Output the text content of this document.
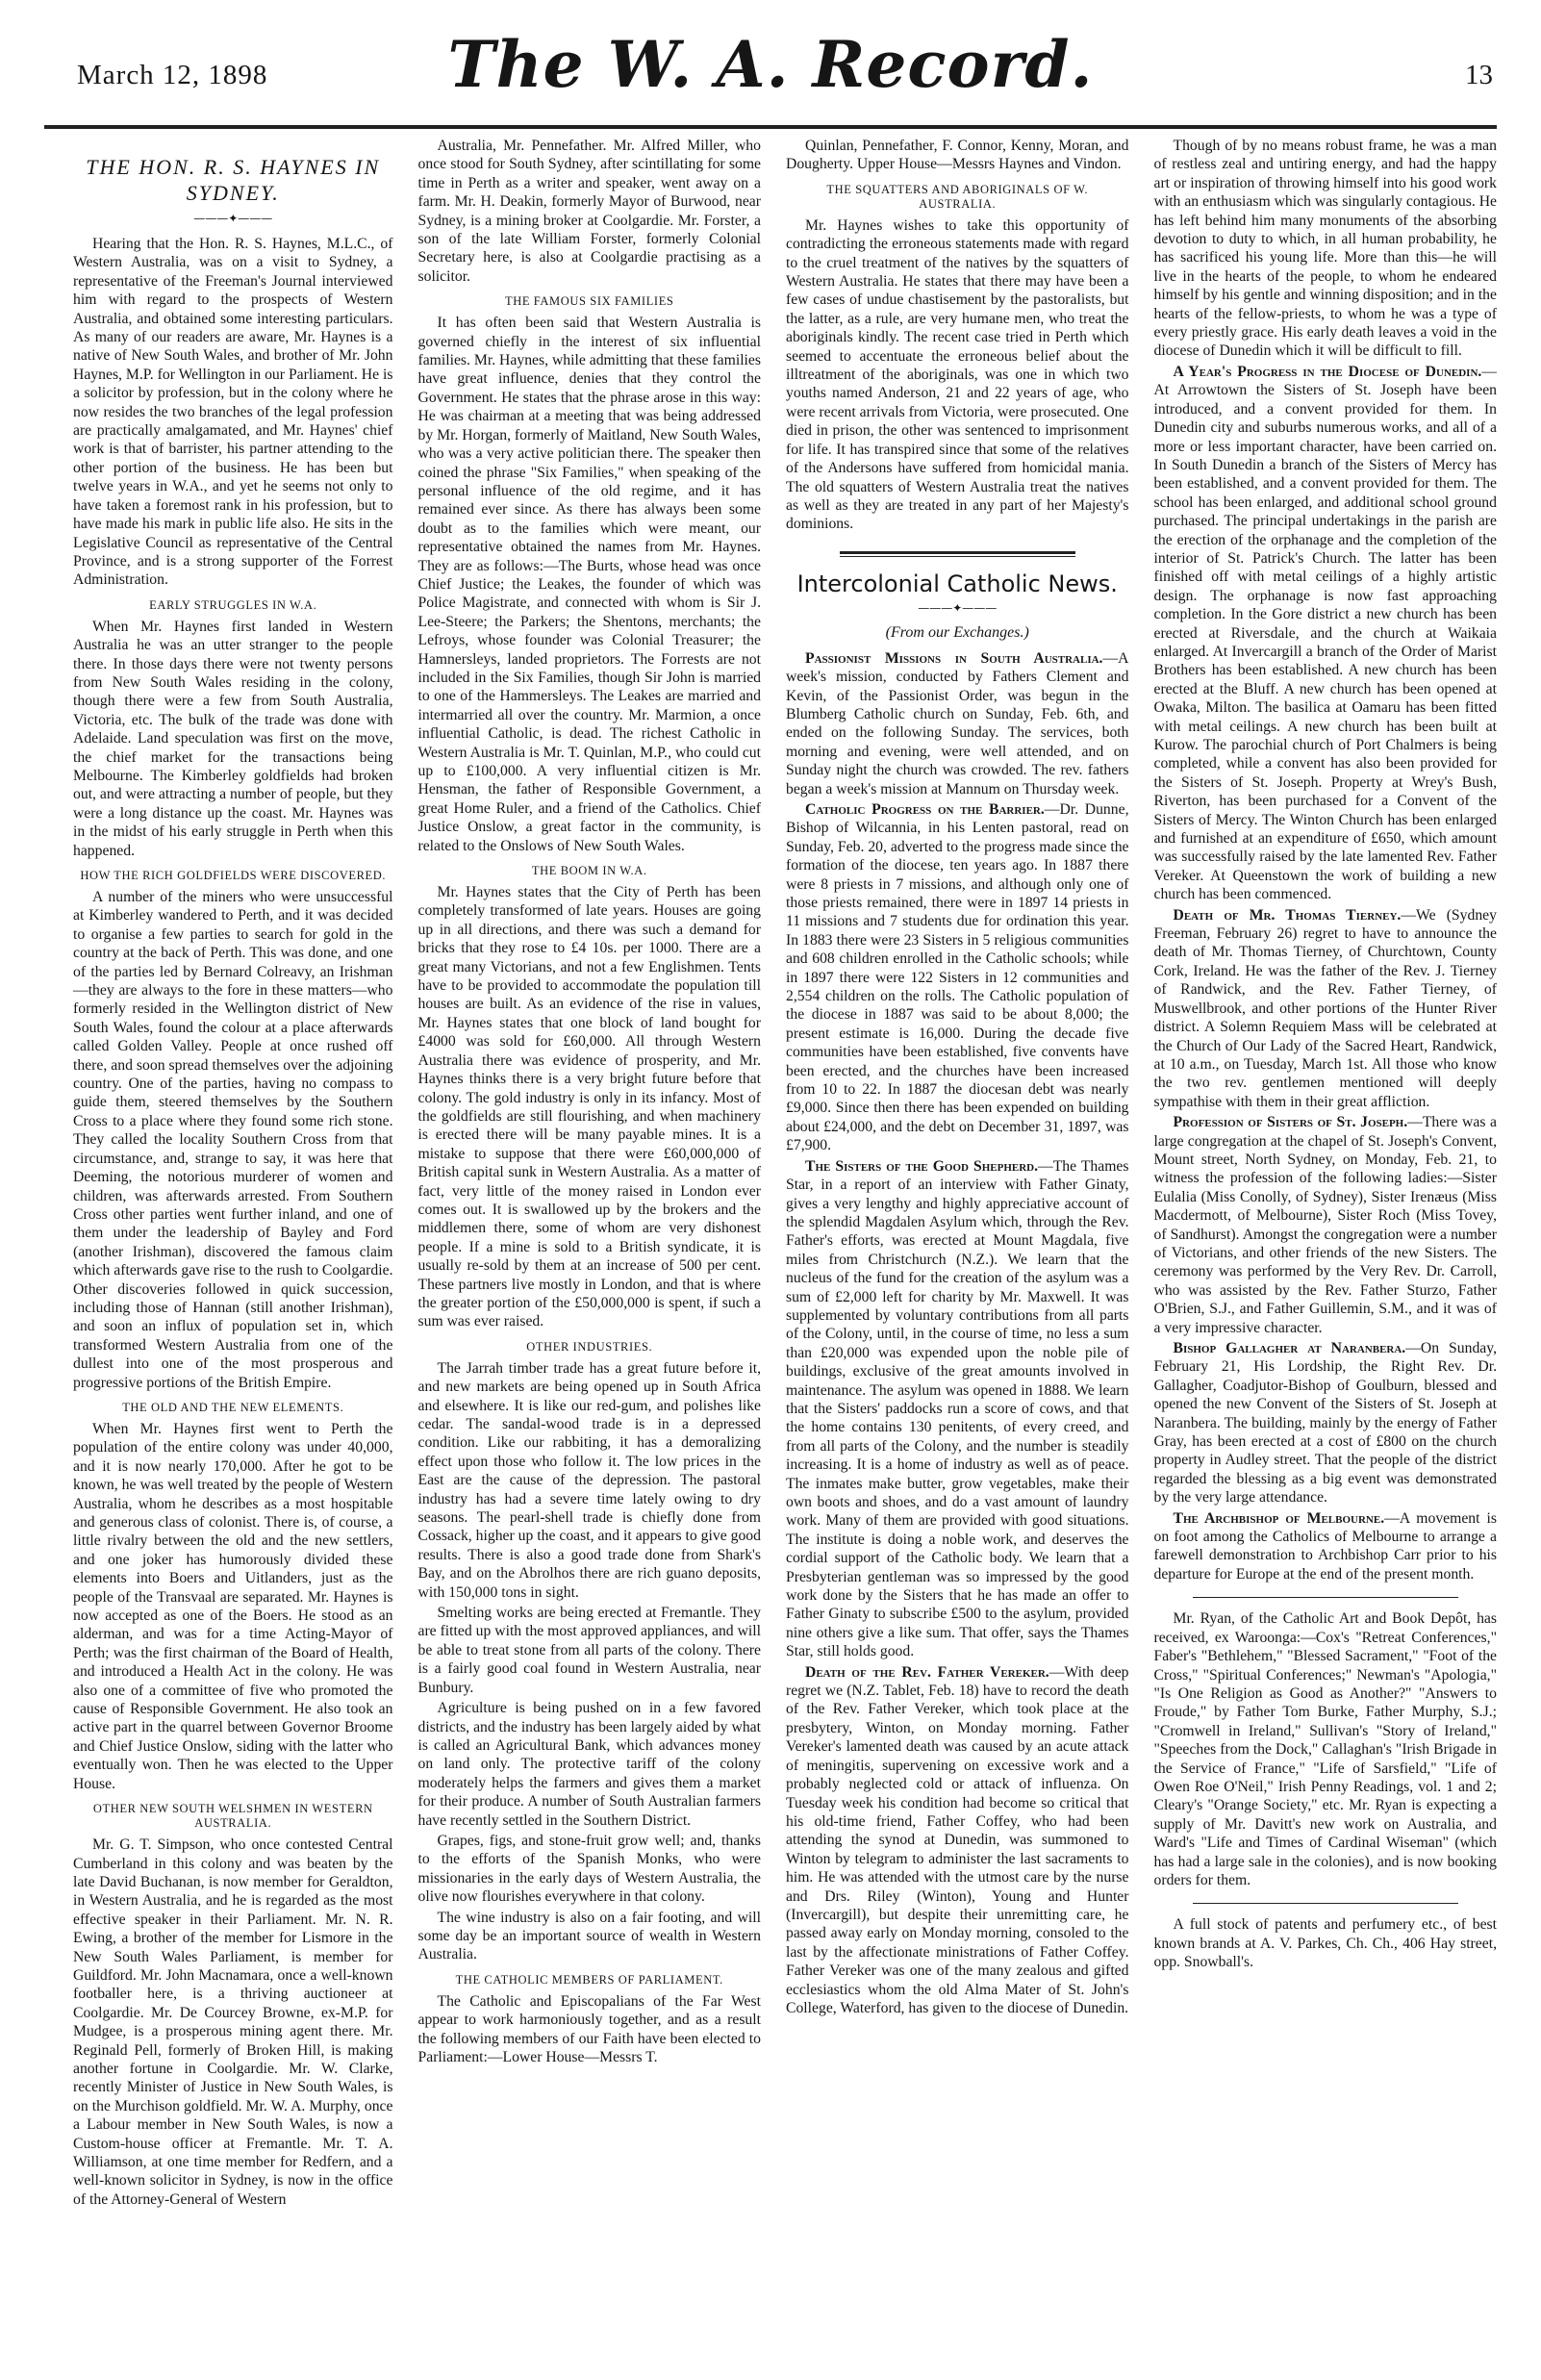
March 12, 1898	The W. A. Record.	13
THE HON. R. S. HAYNES IN SYDNEY.
———✦———

Hearing that the Hon. R. S. Haynes, M.L.C., of Western Australia, was on a visit to Sydney, a representative of the Freeman's Journal interviewed him with regard to the prospects of Western Australia, and obtained some interesting particulars. As many of our readers are aware, Mr. Haynes is a native of New South Wales, and brother of Mr. John Haynes, M.P. for Wellington in our Parliament. He is a solicitor by profession, but in the colony where he now resides the two branches of the legal profession are practically amalgamated, and Mr. Haynes' chief work is that of barrister, his partner attending to the other portion of the business. He has been but twelve years in W.A., and yet he seems not only to have taken a foremost rank in his profession, but to have made his mark in public life also. He sits in the Legislative Council as representative of the Central Province, and is a strong supporter of the Forrest Administration.

EARLY STRUGGLES IN W.A.

When Mr. Haynes first landed in Western Australia he was an utter stranger to the people there. In those days there were not twenty persons from New South Wales residing in the colony, though there were a few from South Australia, Victoria, etc. The bulk of the trade was done with Adelaide. Land speculation was first on the move, the chief market for the transactions being Melbourne. The Kimberley goldfields had broken out, and were attracting a number of people, but they were a long distance up the coast. Mr. Haynes was in the midst of his early struggle in Perth when this happened.

HOW THE RICH GOLDFIELDS WERE DISCOVERED.

A number of the miners who were unsuccessful at Kimberley wandered to Perth, and it was decided to organise a few parties to search for gold in the country at the back of Perth. This was done, and one of the parties led by Bernard Colreavy, an Irishman—they are always to the fore in these matters—who formerly resided in the Wellington district of New South Wales, found the colour at a place afterwards called Golden Valley. People at once rushed off there, and soon spread themselves over the adjoining country. One of the parties, having no compass to guide them, steered themselves by the Southern Cross to a place where they found some rich stone. They called the locality Southern Cross from that circumstance, and, strange to say, it was here that Deeming, the notorious murderer of women and children, was afterwards arrested. From Southern Cross other parties went further inland, and one of them under the leadership of Bayley and Ford (another Irishman), discovered the famous claim which afterwards gave rise to the rush to Coolgardie. Other discoveries followed in quick succession, including those of Hannan (still another Irishman), and soon an influx of population set in, which transformed Western Australia from one of the dullest into one of the most prosperous and progressive portions of the British Empire.

THE OLD AND THE NEW ELEMENTS.

When Mr. Haynes first went to Perth the population of the entire colony was under 40,000, and it is now nearly 170,000. After he got to be known, he was well treated by the people of Western Australia, whom he describes as a most hospitable and generous class of colonist. There is, of course, a little rivalry between the old and the new settlers, and one joker has humorously divided these elements into Boers and Uitlanders, just as the people of the Transvaal are separated. Mr. Haynes is now accepted as one of the Boers. He stood as an alderman, and was for a time Acting-Mayor of Perth; was the first chairman of the Board of Health, and introduced a Health Act in the colony. He was also one of a committee of five who promoted the cause of Responsible Government. He also took an active part in the quarrel between Governor Broome and Chief Justice Onslow, siding with the latter who eventually won. Then he was elected to the Upper House.

OTHER NEW SOUTH WELSHMEN IN WESTERN AUSTRALIA.

Mr. G. T. Simpson, who once contested Central Cumberland in this colony and was beaten by the late David Buchanan, is now member for Geraldton, in Western Australia, and he is regarded as the most effective speaker in their Parliament. Mr. N. R. Ewing, a brother of the member for Lismore in the New South Wales Parliament, is member for Guildford. Mr. John Macnamara, once a well-known footballer here, is a thriving auctioneer at Coolgardie. Mr. De Courcey Browne, ex-M.P. for Mudgee, is a prosperous mining agent there. Mr. Reginald Pell, formerly of Broken Hill, is making another fortune in Coolgardie. Mr. W. Clarke, recently Minister of Justice in New South Wales, is on the Murchison goldfield. Mr. W. A. Murphy, once a Labour member in New South Wales, is now a Custom-house officer at Fremantle. Mr. T. A. Williamson, at one time member for Redfern, and a well-known solicitor in Sydney, is now in the office of the Attorney-General of Western

Australia, Mr. Pennefather. Mr. Alfred Miller, who once stood for South Sydney, after scintillating for some time in Perth as a writer and speaker, went away on a farm. Mr. H. Deakin, formerly Mayor of Burwood, near Sydney, is a mining broker at Coolgardie. Mr. Forster, a son of the late William Forster, formerly Colonial Secretary here, is also at Coolgardie practising as a solicitor.

THE FAMOUS SIX FAMILIES

It has often been said that Western Australia is governed chiefly in the interest of six influential families. Mr. Haynes, while admitting that these families have great influence, denies that they control the Government. He states that the phrase arose in this way: He was chairman at a meeting that was being addressed by Mr. Horgan, formerly of Maitland, New South Wales, who was a very active politician there. The speaker then coined the phrase "Six Families," when speaking of the personal influence of the old regime, and it has remained ever since. As there has always been some doubt as to the families which were meant, our representative obtained the names from Mr. Haynes. They are as follows:—The Burts, whose head was once Chief Justice; the Leakes, the founder of which was Police Magistrate, and connected with whom is Sir J. Lee-Steere; the Parkers; the Shentons, merchants; the Lefroys, whose founder was Colonial Treasurer; the Hamnersleys, landed proprietors. The Forrests are not included in the Six Families, though Sir John is married to one of the Hammersleys. The Leakes are married and intermarried all over the country. Mr. Marmion, a once influential Catholic, is dead. The richest Catholic in Western Australia is Mr. T. Quinlan, M.P., who could cut up to £100,000. A very influential citizen is Mr. Hensman, the father of Responsible Government, a great Home Ruler, and a friend of the Catholics. Chief Justice Onslow, a great factor in the community, is related to the Onslows of New South Wales.

THE BOOM IN W.A.

Mr. Haynes states that the City of Perth has been completely transformed of late years. Houses are going up in all directions, and there was such a demand for bricks that they rose to £4 10s. per 1000. There are a great many Victorians, and not a few Englishmen. Tents have to be provided to accommodate the population till houses are built. As an evidence of the rise in values, Mr. Haynes states that one block of land bought for £4000 was sold for £60,000. All through Western Australia there was evidence of prosperity, and Mr. Haynes thinks there is a very bright future before that colony. The gold industry is only in its infancy. Most of the goldfields are still flourishing, and when machinery is erected there will be many payable mines. It is a mistake to suppose that there were £60,000,000 of British capital sunk in Western Australia. As a matter of fact, very little of the money raised in London ever comes out. It is swallowed up by the brokers and the middlemen there, some of whom are very dishonest people. If a mine is sold to a British syndicate, it is usually re-sold by them at an increase of 500 per cent. These partners live mostly in London, and that is where the greater portion of the £50,000,000 is spent, if such a sum was ever raised.

OTHER INDUSTRIES.

The Jarrah timber trade has a great future before it, and new markets are being opened up in South Africa and elsewhere. It is like our red-gum, and polishes like cedar. The sandal-wood trade is in a depressed condition. Like our rabbiting, it has a demoralizing effect upon those who follow it. The low prices in the East are the cause of the depression. The pastoral industry has had a severe time lately owing to dry seasons. The pearl-shell trade is chiefly done from Cossack, higher up the coast, and it appears to give good results. There is also a good trade done from Shark's Bay, and on the Abrolhos there are rich guano deposits, with 150,000 tons in sight.

Smelting works are being erected at Fremantle. They are fitted up with the most approved appliances, and will be able to treat stone from all parts of the colony. There is a fairly good coal found in Western Australia, near Bunbury.

Agriculture is being pushed on in a few favored districts, and the industry has been largely aided by what is called an Agricultural Bank, which advances money on land only. The protective tariff of the colony moderately helps the farmers and gives them a market for their produce. A number of South Australian farmers have recently settled in the Southern District.

Grapes, figs, and stone-fruit grow well; and, thanks to the efforts of the Spanish Monks, who were missionaries in the early days of Western Australia, the olive now flourishes everywhere in that colony.

The wine industry is also on a fair footing, and will some day be an important source of wealth in Western Australia.

THE CATHOLIC MEMBERS OF PARLIAMENT.

The Catholic and Episcopalians of the Far West appear to work harmoniously together, and as a result the following members of our Faith have been elected to Parliament:—Lower House—Messrs T.

Quinlan, Pennefather, F. Connor, Kenny, Moran, and Dougherty. Upper House—Messrs Haynes and Vindon.

THE SQUATTERS AND ABORIGINALS OF W. AUSTRALIA.

Mr. Haynes wishes to take this opportunity of contradicting the erroneous statements made with regard to the cruel treatment of the natives by the squatters of Western Australia. He states that there may have been a few cases of undue chastisement by the pastoralists, but the latter, as a rule, are very humane men, who treat the aboriginals kindly. The recent case tried in Perth which seemed to accentuate the erroneous belief about the illtreatment of the aboriginals, was one in which two youths named Anderson, 21 and 22 years of age, who were recent arrivals from Victoria, were prosecuted. One died in prison, the other was sentenced to imprisonment for life. It has transpired since that some of the relatives of the Andersons have suffered from homicidal mania. The old squatters of Western Australia treat the natives as well as they are treated in any part of her Majesty's dominions.

Intercolonial Catholic News.
———✦———
(From our Exchanges.)

Passionist Missions in South Australia.—A week's mission, conducted by Fathers Clement and Kevin, of the Passionist Order, was begun in the Blumberg Catholic church on Sunday, Feb. 6th, and ended on the following Sunday. The services, both morning and evening, were well attended, and on Sunday night the church was crowded. The rev. fathers began a week's mission at Mannum on Thursday week.

Catholic Progress on the Barrier.—Dr. Dunne, Bishop of Wilcannia, in his Lenten pastoral, read on Sunday, Feb. 20, adverted to the progress made since the formation of the diocese, ten years ago. In 1887 there were 8 priests in 7 missions, and although only one of those priests remained, there were in 1897 14 priests in 11 missions and 7 students due for ordination this year. In 1883 there were 23 Sisters in 5 religious communities and 608 children enrolled in the Catholic schools; while in 1897 there were 122 Sisters in 12 communities and 2,554 children on the rolls. The Catholic population of the diocese in 1887 was said to be about 8,000; the present estimate is 16,000. During the decade five communities have been established, five convents have been erected, and the churches have been increased from 10 to 22. In 1887 the diocesan debt was nearly £9,000. Since then there has been expended on building about £24,000, and the debt on December 31, 1897, was £7,900.

The Sisters of the Good Shepherd.—The Thames Star, in a report of an interview with Father Ginaty, gives a very lengthy and highly appreciative account of the splendid Magdalen Asylum which, through the Rev. Father's efforts, was erected at Mount Magdala, five miles from Christchurch (N.Z.). We learn that the nucleus of the fund for the creation of the asylum was a sum of £2,000 left for charity by Mr. Maxwell. It was supplemented by voluntary contributions from all parts of the Colony, until, in the course of time, no less a sum than £20,000 was expended upon the noble pile of buildings, exclusive of the great amounts involved in maintenance. The asylum was opened in 1888. We learn that the Sisters' paddocks run a score of cows, and that the home contains 130 penitents, of every creed, and from all parts of the Colony, and the number is steadily increasing. It is a home of industry as well as of peace. The inmates make butter, grow vegetables, make their own boots and shoes, and do a vast amount of laundry work. Many of them are provided with good situations. The institute is doing a noble work, and deserves the cordial support of the Catholic body. We learn that a Presbyterian gentleman was so impressed by the good work done by the Sisters that he has made an offer to Father Ginaty to subscribe £500 to the asylum, provided nine others give a like sum. That offer, says the Thames Star, still holds good.

Death of the Rev. Father Vereker.—With deep regret we (N.Z. Tablet, Feb. 18) have to record the death of the Rev. Father Vereker, which took place at the presbytery, Winton, on Monday morning. Father Vereker's lamented death was caused by an acute attack of meningitis, supervening on excessive work and a probably neglected cold or attack of influenza. On Tuesday week his condition had become so critical that his old-time friend, Father Coffey, who had been attending the synod at Dunedin, was summoned to Winton by telegram to administer the last sacraments to him. He was attended with the utmost care by the nurse and Drs. Riley (Winton), Young and Hunter (Invercargill), but despite their unremitting care, he passed away early on Monday morning, consoled to the last by the affectionate ministrations of Father Coffey. Father Vereker was one of the many zealous and gifted ecclesiastics whom the old Alma Mater of St. John's College, Waterford, has given to the diocese of Dunedin.

Though of by no means robust frame, he was a man of restless zeal and untiring energy, and had the happy art or inspiration of throwing himself into his good work with an enthusiasm which was singularly contagious. He has left behind him many monuments of the absorbing devotion to duty to which, in all human probability, he has sacrificed his young life. More than this—he will live in the hearts of the people, to whom he endeared himself by his gentle and winning disposition; and in the hearts of the fellow-priests, to whom he was a type of every priestly grace. His early death leaves a void in the diocese of Dunedin which it will be difficult to fill.

A Year's Progress in the Diocese of Dunedin.—At Arrowtown the Sisters of St. Joseph have been introduced, and a convent provided for them. In Dunedin city and suburbs numerous works, and all of a more or less important character, have been carried on. In South Dunedin a branch of the Sisters of Mercy has been established, and a convent provided for them. The school has been enlarged, and additional school ground purchased. The principal undertakings in the parish are the erection of the orphanage and the completion of the interior of St. Patrick's Church. The latter has been finished off with metal ceilings of a highly artistic design. The orphanage is now fast approaching completion. In the Gore district a new church has been erected at Riversdale, and the church at Waikaia enlarged. At Invercargill a branch of the Order of Marist Brothers has been established. A new church has been erected at the Bluff. A new church has been opened at Owaka, Milton. The basilica at Oamaru has been fitted with metal ceilings. A new church has been built at Kurow. The parochial church of Port Chalmers is being completed, while a convent has also been provided for the Sisters of St. Joseph. Property at Wrey's Bush, Riverton, has been purchased for a Convent of the Sisters of Mercy. The Winton Church has been enlarged and furnished at an expenditure of £650, which amount was successfully raised by the late lamented Rev. Father Vereker. At Queenstown the work of building a new church has been commenced.

Death of Mr. Thomas Tierney.—We (Sydney Freeman, February 26) regret to have to announce the death of Mr. Thomas Tierney, of Churchtown, County Cork, Ireland. He was the father of the Rev. J. Tierney of Randwick, and the Rev. Father Tierney, of Muswellbrook, and other portions of the Hunter River district. A Solemn Requiem Mass will be celebrated at the Church of Our Lady of the Sacred Heart, Randwick, at 10 a.m., on Tuesday, March 1st. All those who know the two rev. gentlemen mentioned will deeply sympathise with them in their great affliction.

Profession of Sisters of St. Joseph.—There was a large congregation at the chapel of St. Joseph's Convent, Mount street, North Sydney, on Monday, Feb. 21, to witness the profession of the following ladies:—Sister Eulalia (Miss Conolly, of Sydney), Sister Irenæus (Miss Macdermott, of Melbourne), Sister Roch (Miss Tovey, of Sandhurst). Amongst the congregation were a number of Victorians, and other friends of the new Sisters. The ceremony was performed by the Very Rev. Dr. Carroll, who was assisted by the Rev. Father Sturzo, Father O'Brien, S.J., and Father Guillemin, S.M., and it was of a very impressive character.

Bishop Gallagher at Naranbera.—On Sunday, February 21, His Lordship, the Right Rev. Dr. Gallagher, Coadjutor-Bishop of Goulburn, blessed and opened the new Convent of the Sisters of St. Joseph at Naranbera. The building, mainly by the energy of Father Gray, has been erected at a cost of £800 on the church property in Audley street. That the people of the district regarded the blessing as a big event was demonstrated by the very large attendance.

The Archbishop of Melbourne.—A movement is on foot among the Catholics of Melbourne to arrange a farewell demonstration to Archbishop Carr prior to his departure for Europe at the end of the present month.

Mr. Ryan, of the Catholic Art and Book Depôt, has received, ex Waroonga:—Cox's "Retreat Conferences," Faber's "Bethlehem," "Blessed Sacrament," "Foot of the Cross," "Spiritual Conferences;" Newman's "Apologia," "Is One Religion as Good as Another?" "Answers to Froude," by Father Tom Burke, Father Murphy, S.J.; "Cromwell in Ireland," Sullivan's "Story of Ireland," "Speeches from the Dock," Callaghan's "Irish Brigade in the Service of France," "Life of Sarsfield," "Life of Owen Roe O'Neil," Irish Penny Readings, vol. 1 and 2; Cleary's "Orange Society," etc. Mr. Ryan is expecting a supply of Mr. Davitt's new work on Australia, and Ward's "Life and Times of Cardinal Wiseman" (which has had a large sale in the colonies), and is now booking orders for them.

A full stock of patents and perfumery etc., of best known brands at A. V. Parkes, Ch. Ch., 406 Hay street, opp. Snowball's.
